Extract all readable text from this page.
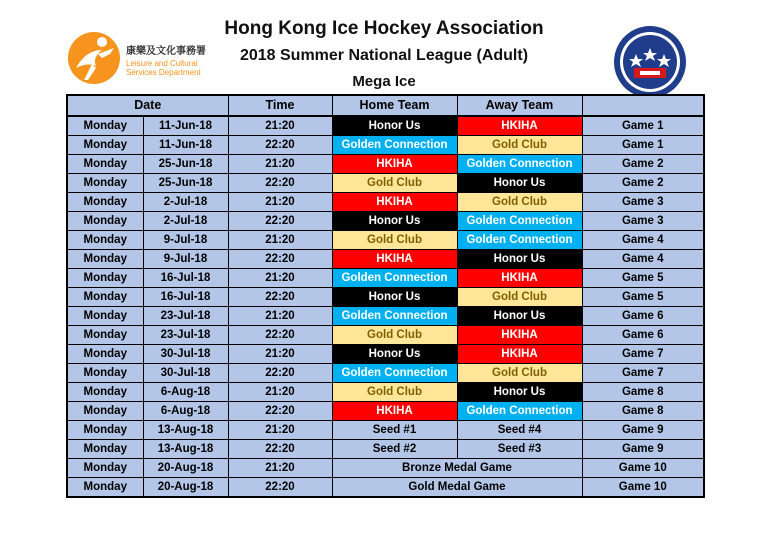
Hong Kong Ice Hockey Association
2018 Summer National League (Adult)
Mega Ice
康樂及文化事務署
Leisure and Cultural
Services Department
Date		Time	Home Team	Away Team	
Monday	11-Jun-18	21:20	Honor Us	HKIHA	Game 1
Monday	11-Jun-18	22:20	Golden Connection	Gold Club	Game 1
Monday	25-Jun-18	21:20	HKIHA	Golden Connection	Game 2
Monday	25-Jun-18	22:20	Gold Club	Honor Us	Game 2
Monday	2-Jul-18	21:20	HKIHA	Gold Club	Game 3
Monday	2-Jul-18	22:20	Honor Us	Golden Connection	Game 3
Monday	9-Jul-18	21:20	Gold Club	Golden Connection	Game 4
Monday	9-Jul-18	22:20	HKIHA	Honor Us	Game 4
Monday	16-Jul-18	21:20	Golden Connection	HKIHA	Game 5
Monday	16-Jul-18	22:20	Honor Us	Gold Club	Game 5
Monday	23-Jul-18	21:20	Golden Connection	Honor Us	Game 6
Monday	23-Jul-18	22:20	Gold Club	HKIHA	Game 6
Monday	30-Jul-18	21:20	Honor Us	HKIHA	Game 7
Monday	30-Jul-18	22:20	Golden Connection	Gold Club	Game 7
Monday	6-Aug-18	21:20	Gold Club	Honor Us	Game 8
Monday	6-Aug-18	22:20	HKIHA	Golden Connection	Game 8
Monday	13-Aug-18	21:20	Seed #1	Seed #4	Game 9
Monday	13-Aug-18	22:20	Seed #2	Seed #3	Game 9
Monday	20-Aug-18	21:20	Bronze Medal Game		Game 10
Monday	20-Aug-18	22:20	Gold Medal Game		Game 10
